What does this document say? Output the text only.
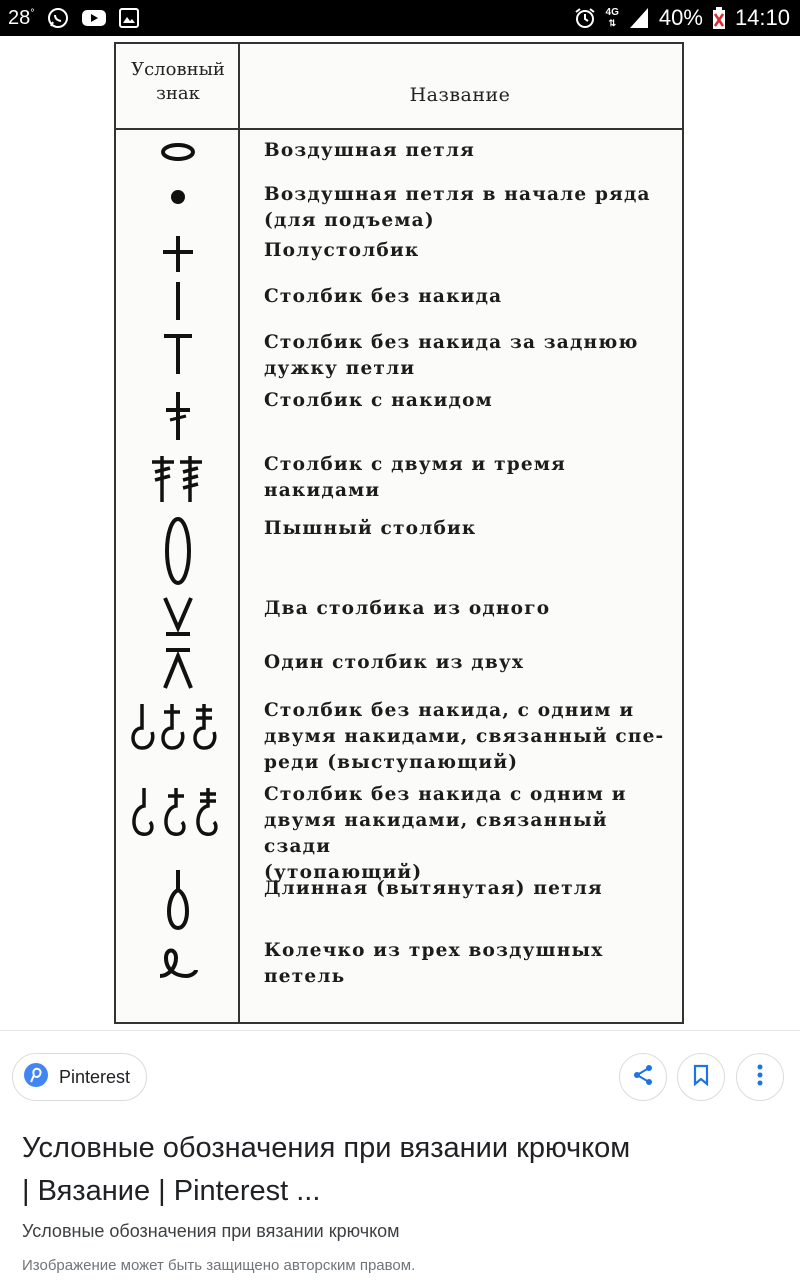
28°	4G
⇅ 40% 14:10
Условный
знак	Название
Воздушная петля
Воздушная петля в начале ряда
(для подъема)
Полустолбик
Столбик без накида
Столбик без накида за заднюю
дужку петли
Столбик с накидом
Столбик с двумя и тремя накидами
Пышный столбик
Два столбика из одного
Один столбик из двух
Столбик без накида, с одним и
двумя накидами, связанный спе-
реди (выступающий)
Столбик без накида с одним и
двумя накидами, связанный сзади
(утопающий)
Длинная (вытянутая) петля
Колечко из трех воздушных петель
Pinterest
Условные обозначения при вязании крючком
| Вязание | Pinterest ...
Условные обозначения при вязании крючком
Изображение может быть защищено авторским правом.
